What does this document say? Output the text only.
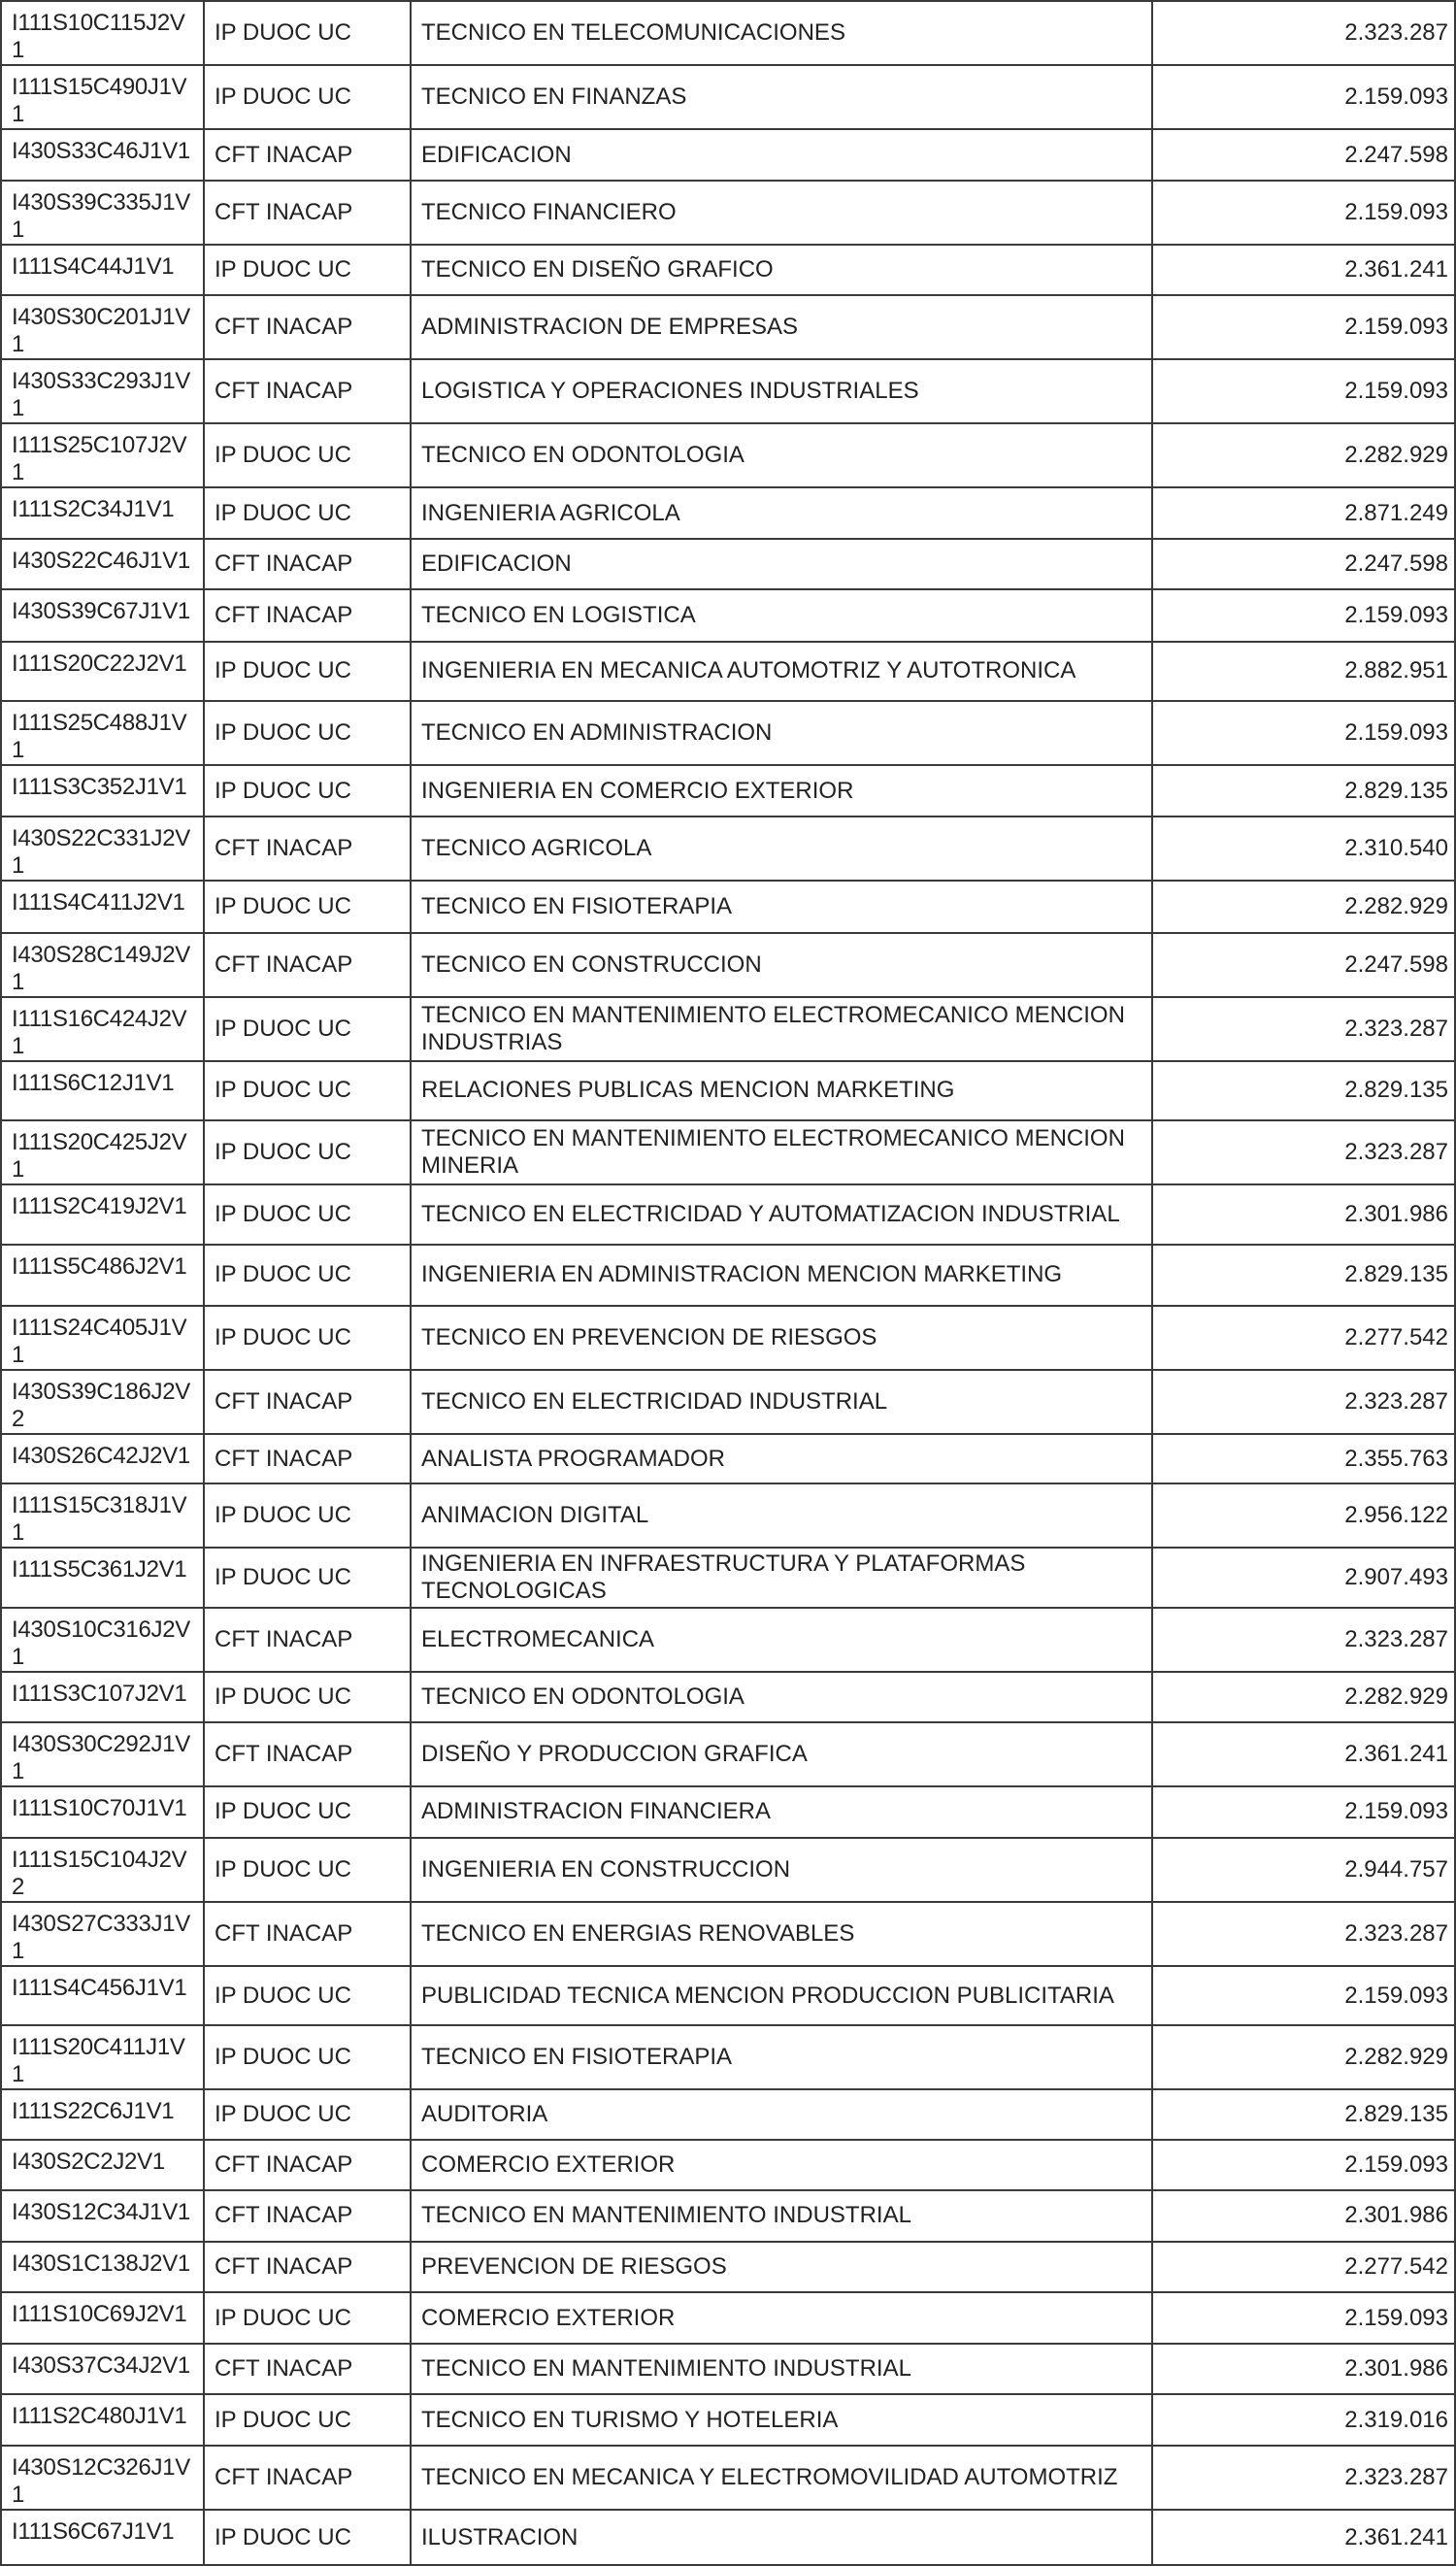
I111S10C115J2V1	IP DUOC UC	TECNICO EN TELECOMUNICACIONES	2.323.287
I111S15C490J1V1	IP DUOC UC	TECNICO EN FINANZAS	2.159.093
I430S33C46J1V1	CFT INACAP	EDIFICACION	2.247.598
I430S39C335J1V1	CFT INACAP	TECNICO FINANCIERO	2.159.093
I111S4C44J1V1	IP DUOC UC	TECNICO EN DISEÑO GRAFICO	2.361.241
I430S30C201J1V1	CFT INACAP	ADMINISTRACION DE EMPRESAS	2.159.093
I430S33C293J1V1	CFT INACAP	LOGISTICA Y OPERACIONES INDUSTRIALES	2.159.093
I111S25C107J2V1	IP DUOC UC	TECNICO EN ODONTOLOGIA	2.282.929
I111S2C34J1V1	IP DUOC UC	INGENIERIA AGRICOLA	2.871.249
I430S22C46J1V1	CFT INACAP	EDIFICACION	2.247.598
I430S39C67J1V1	CFT INACAP	TECNICO EN LOGISTICA	2.159.093
I111S20C22J2V1	IP DUOC UC	INGENIERIA EN MECANICA AUTOMOTRIZ Y AUTOTRONICA	2.882.951
I111S25C488J1V1	IP DUOC UC	TECNICO EN ADMINISTRACION	2.159.093
I111S3C352J1V1	IP DUOC UC	INGENIERIA EN COMERCIO EXTERIOR	2.829.135
I430S22C331J2V1	CFT INACAP	TECNICO AGRICOLA	2.310.540
I111S4C411J2V1	IP DUOC UC	TECNICO EN FISIOTERAPIA	2.282.929
I430S28C149J2V1	CFT INACAP	TECNICO EN CONSTRUCCION	2.247.598
I111S16C424J2V1	IP DUOC UC	TECNICO EN MANTENIMIENTO ELECTROMECANICO MENCION INDUSTRIAS	2.323.287
I111S6C12J1V1	IP DUOC UC	RELACIONES PUBLICAS MENCION MARKETING	2.829.135
I111S20C425J2V1	IP DUOC UC	TECNICO EN MANTENIMIENTO ELECTROMECANICO MENCION MINERIA	2.323.287
I111S2C419J2V1	IP DUOC UC	TECNICO EN ELECTRICIDAD Y AUTOMATIZACION INDUSTRIAL	2.301.986
I111S5C486J2V1	IP DUOC UC	INGENIERIA EN ADMINISTRACION MENCION MARKETING	2.829.135
I111S24C405J1V1	IP DUOC UC	TECNICO EN PREVENCION DE RIESGOS	2.277.542
I430S39C186J2V2	CFT INACAP	TECNICO EN ELECTRICIDAD INDUSTRIAL	2.323.287
I430S26C42J2V1	CFT INACAP	ANALISTA PROGRAMADOR	2.355.763
I111S15C318J1V1	IP DUOC UC	ANIMACION DIGITAL	2.956.122
I111S5C361J2V1	IP DUOC UC	INGENIERIA EN INFRAESTRUCTURA Y PLATAFORMAS TECNOLOGICAS	2.907.493
I430S10C316J2V1	CFT INACAP	ELECTROMECANICA	2.323.287
I111S3C107J2V1	IP DUOC UC	TECNICO EN ODONTOLOGIA	2.282.929
I430S30C292J1V1	CFT INACAP	DISEÑO Y PRODUCCION GRAFICA	2.361.241
I111S10C70J1V1	IP DUOC UC	ADMINISTRACION FINANCIERA	2.159.093
I111S15C104J2V2	IP DUOC UC	INGENIERIA EN CONSTRUCCION	2.944.757
I430S27C333J1V1	CFT INACAP	TECNICO EN ENERGIAS RENOVABLES	2.323.287
I111S4C456J1V1	IP DUOC UC	PUBLICIDAD TECNICA MENCION PRODUCCION PUBLICITARIA	2.159.093
I111S20C411J1V1	IP DUOC UC	TECNICO EN FISIOTERAPIA	2.282.929
I111S22C6J1V1	IP DUOC UC	AUDITORIA	2.829.135
I430S2C2J2V1	CFT INACAP	COMERCIO EXTERIOR	2.159.093
I430S12C34J1V1	CFT INACAP	TECNICO EN MANTENIMIENTO INDUSTRIAL	2.301.986
I430S1C138J2V1	CFT INACAP	PREVENCION DE RIESGOS	2.277.542
I111S10C69J2V1	IP DUOC UC	COMERCIO EXTERIOR	2.159.093
I430S37C34J2V1	CFT INACAP	TECNICO EN MANTENIMIENTO INDUSTRIAL	2.301.986
I111S2C480J1V1	IP DUOC UC	TECNICO EN TURISMO Y HOTELERIA	2.319.016
I430S12C326J1V1	CFT INACAP	TECNICO EN MECANICA Y ELECTROMOVILIDAD AUTOMOTRIZ	2.323.287
I111S6C67J1V1	IP DUOC UC	ILUSTRACION	2.361.241
